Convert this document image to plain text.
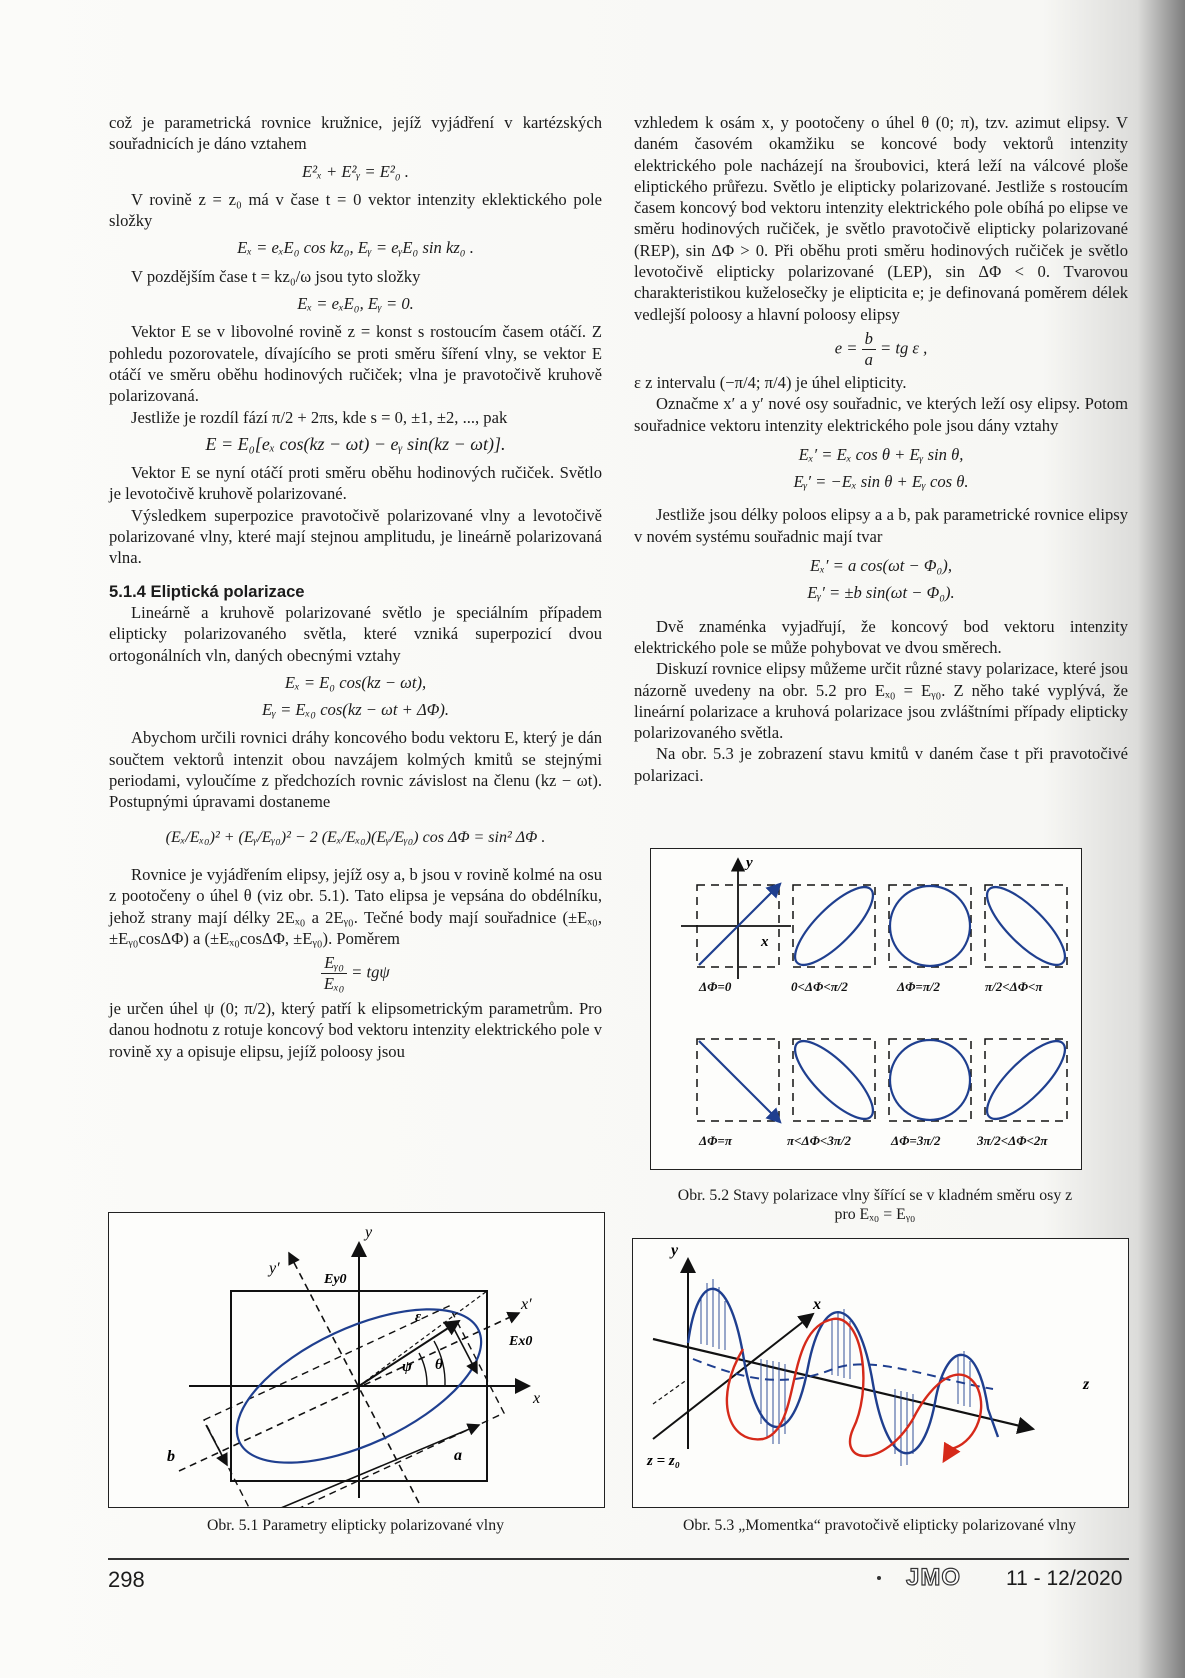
což je parametrická rovnice kružnice, jejíž vyjádření v kartézských souřadnicích je dáno vztahem

E²ₓ + E²ᵧ = E²₀ .

V rovině z = z₀ má v čase t = 0 vektor intenzity eklektického pole složky

Eₓ = eₓE₀ cos kz₀, Eᵧ = eᵧE₀ sin kz₀ .

V pozdějším čase t = kz₀/ω jsou tyto složky

Eₓ = eₓE₀, Eᵧ = 0.

Vektor E se v libovolné rovině z = konst s rostoucím časem otáčí. Z pohledu pozorovatele, dívajícího se proti směru šíření vlny, se vektor E otáčí ve směru oběhu hodinových ručiček; vlna je pravotočivě kruhově polarizovaná.

Jestliže je rozdíl fází π/2 + 2πs, kde s = 0, ±1, ±2, ..., pak

E = E₀[eₓ cos(kz − ωt) − eᵧ sin(kz − ωt)].

Vektor E se nyní otáčí proti směru oběhu hodinových ručiček. Světlo je levotočivě kruhově polarizované.

Výsledkem superpozice pravotočivě polarizované vlny a levotočivě polarizované vlny, které mají stejnou amplitudu, je lineárně polarizovaná vlna.

5.1.4 Eliptická polarizace

Lineárně a kruhově polarizované světlo je speciálním případem elipticky polarizovaného světla, které vzniká superpozicí dvou ortogonálních vln, daných obecnými vztahy

Eₓ = E₀ cos(kz − ωt),
Eᵧ = Eₓ₀ cos(kz − ωt + ΔΦ).

Abychom určili rovnici dráhy koncového bodu vektoru E, který je dán součtem vektorů intenzit obou navzájem kolmých kmitů se stejnými periodami, vyloučíme z předchozích rovnic závislost na členu (kz − ωt). Postupnými úpravami dostaneme

(Eₓ/Eₓ₀)² + (Eᵧ/Eᵧ₀)² − 2 (Eₓ/Eₓ₀)(Eᵧ/Eᵧ₀) cos ΔΦ = sin² ΔΦ .

Rovnice je vyjádřením elipsy, jejíž osy a, b jsou v rovině kolmé na osu z pootočeny o úhel θ (viz obr. 5.1). Tato elipsa je vepsána do obdélníku, jehož strany mají délky 2Eₓ₀ a 2Eᵧ₀. Tečné body mají souřadnice (±Eₓ₀, ±Eᵧ₀cosΔΦ) a (±Eₓ₀cosΔΦ, ±Eᵧ₀). Poměrem

$\frac{\text{Eᵧ₀}}{\text{Eₓ₀}} = tg\psi$

je určen úhel ψ (0; π/2), který patří k elipsometrickým parametrům. Pro danou hodnotu z rotuje koncový bod vektoru intenzity elektrického pole v rovině xy a opisuje elipsu, jejíž poloosy jsou

vzhledem k osám x, y pootočeny o úhel θ (0; π), tzv. azimut elipsy. V daném časovém okamžiku se koncové body vektorů intenzity elektrického pole nacházejí na šroubovici, která leží na válcové ploše eliptického průřezu. Světlo je elipticky polarizované. Jestliže s rostoucím časem koncový bod vektoru intenzity elektrického pole obíhá po elipse ve směru hodinových ručiček, je světlo pravotočivě elipticky polarizované (REP), sin ΔΦ > 0. Při oběhu proti směru hodinových ručiček je světlo levotočivě elipticky polarizované (LEP), sin ΔΦ < 0. Tvarovou charakteristikou kuželosečky je elipticita e; je definovaná poměrem délek vedlejší poloosy a hlavní poloosy elipsy

$e = \frac{b}{a}$ = tg ε ,

ε z intervalu (−π/4; π/4) je úhel elipticity.

Označme x′ a y′ nové osy souřadnic, ve kterých leží osy elipsy. Potom souřadnice vektoru intenzity elektrického pole jsou dány vztahy

Eₓ′ = Eₓ cos θ + Eᵧ sin θ,
Eᵧ′ = −Eₓ sin θ + Eᵧ cos θ.

Jestliže jsou délky poloos elipsy a a b, pak parametrické rovnice elipsy v novém systému souřadnic mají tvar

Eₓ′ = a cos(ωt − Φ₀),
Eᵧ′ = ±b sin(ωt − Φ₀).

Dvě znaménka vyjadřují, že koncový bod vektoru intenzity elektrického pole se může pohybovat ve dvou směrech.

Diskuzí rovnice elipsy můžeme určit různé stavy polarizace, které jsou názorně uvedeny na obr. 5.2 pro Eₓ₀ = Eᵧ₀. Z něho také vyplývá, že lineární polarizace a kruhová polarizace jsou zvláštními případy elipticky polarizovaného světla.

Na obr. 5.3 je zobrazení stavu kmitů v daném čase t při pravotočivé polarizaci.

y
y′
x
x′
Ey0
Ex0
ε
ψ θ
a
b
Obr. 5.1 Parametry elipticky polarizované vlny
y
x
ΔΦ=0	0<ΔΦ<π/2	ΔΦ=π/2	π/2<ΔΦ<π
ΔΦ=π	π<ΔΦ<3π/2	ΔΦ=3π/2	3π/2<ΔΦ<2π
Obr. 5.2 Stavy polarizace vlny šířící se v kladném směru osy z
pro Eₓ₀ = Eᵧ₀
y
x
z
z = z₀
Obr. 5.3 „Momentka“ pravotočivě elipticky polarizované vlny
298	JMO 11 - 12/2020
